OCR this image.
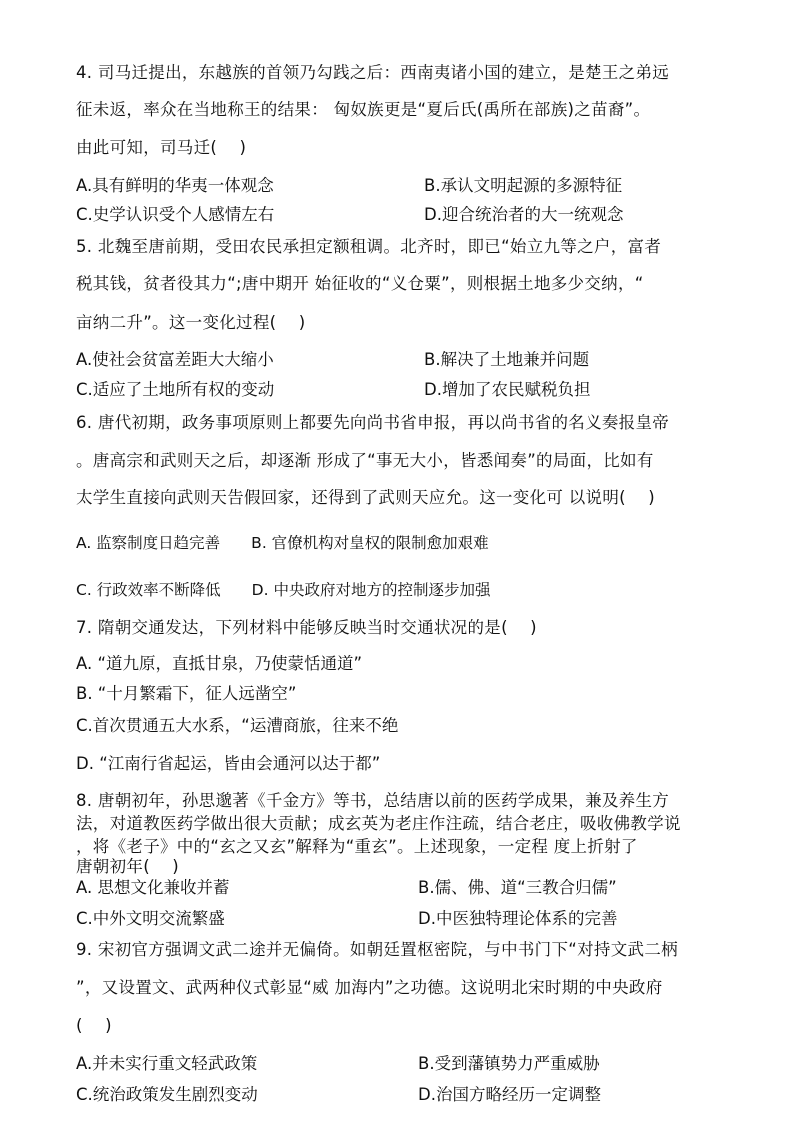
4. 司马迁提出，东越族的首领乃勾践之后：西南夷诸小国的建立，是楚王之弟远
征未返，率众在当地称王的结果： 匈奴族更是“夏后氏(禹所在部族)之苗裔”。
由此可知，司马迁(　 )
A.具有鲜明的华夷一体观念	B.承认文明起源的多源特征
C.史学认识受个人感情左右	D.迎合统治者的大一统观念
5. 北魏至唐前期，受田农民承担定额租调。北齐时，即已“始立九等之户，富者
税其钱，贫者役其力“;唐中期开 始征收的“义仓粟”，则根据土地多少交纳，“
亩纳二升”。这一变化过程(　 )
A.使社会贫富差距大大缩小	B.解决了土地兼并问题
C.适应了土地所有权的变动	D.增加了农民赋税负担
6. 唐代初期，政务事项原则上都要先向尚书省申报，再以尚书省的名义奏报皇帝
。唐高宗和武则天之后，却逐渐 形成了“事无大小，皆悉闻奏”的局面，比如有
太学生直接向武则天告假回家，还得到了武则天应允。这一变化可 以说明(　 )
A. 监察制度日趋完善　　B. 官僚机构对皇权的限制愈加艰难
C. 行政效率不断降低　　D. 中央政府对地方的控制逐步加强
7. 隋朝交通发达，下列材料中能够反映当时交通状况的是(　 )
A. “道九原，直抵甘泉，乃使蒙恬通道”
B. “十月繁霜下，征人远凿空”
C.首次贯通五大水系，“运漕商旅，往来不绝
D. “江南行省起运，皆由会通河以达于都”
8. 唐朝初年，孙思邈著《千金方》等书，总结唐以前的医药学成果，兼及养生方
法，对道教医药学做出很大贡献；成玄英为老庄作注疏，结合老庄，吸收佛教学说
，将《老子》中的“玄之又玄”解释为“重玄”。上述现象，一定程 度上折射了
唐朝初年(　 )
A. 思想文化兼收并蓄	B.儒、佛、道“三教合归儒”
C.中外文明交流繁盛	D.中医独特理论体系的完善
9. 宋初官方强调文武二途并无偏倚。如朝廷置枢密院，与中书门下“对持文武二柄
”，又设置文、武两种仪式彰显“威 加海内”之功德。这说明北宋时期的中央政府
(　 )
A.并未实行重文轻武政策	B.受到藩镇势力严重威胁
C.统治政策发生剧烈变动	D.治国方略经历一定调整
